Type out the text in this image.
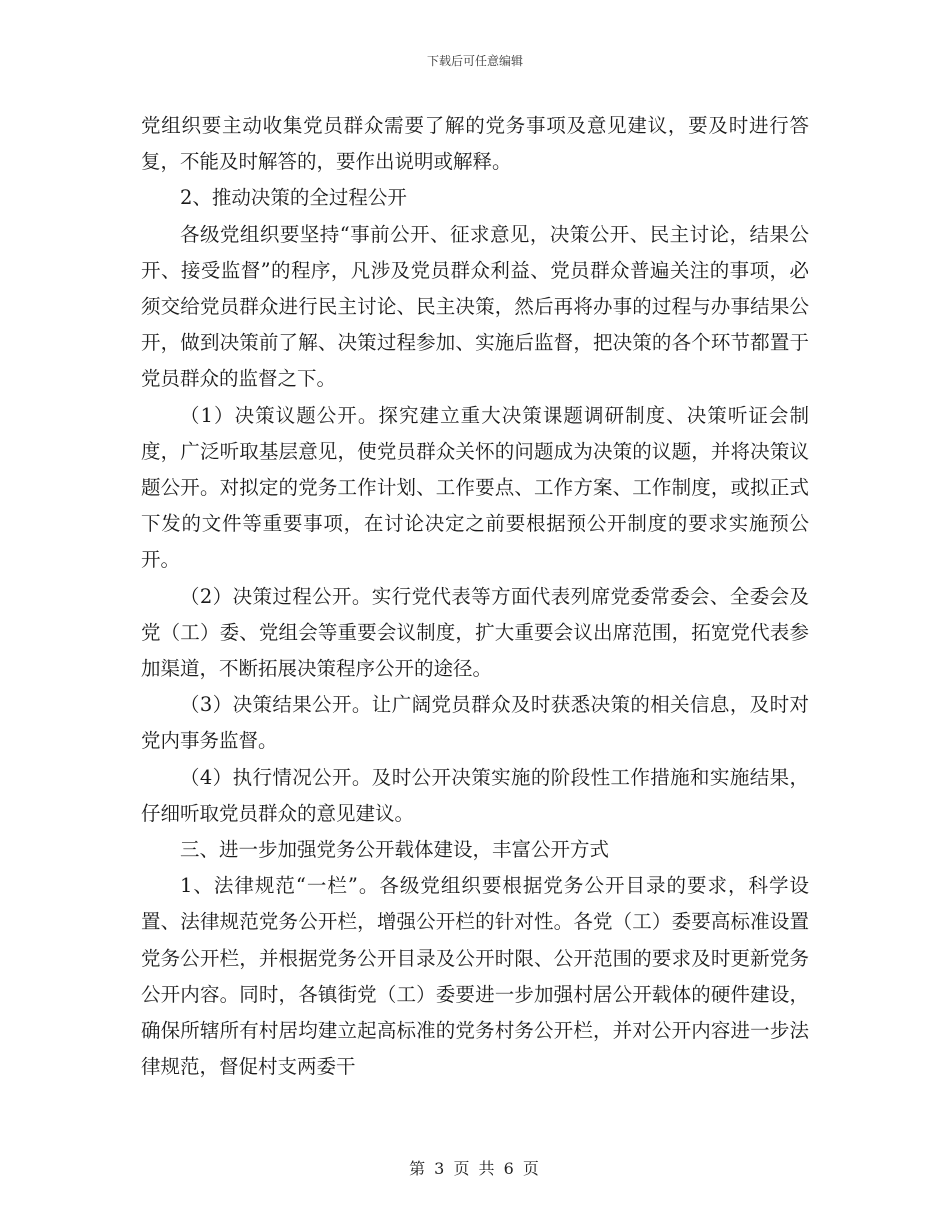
下载后可任意编辑

党组织要主动收集党员群众需要了解的党务事项及意见建议，要及时进行答复，不能及时解答的，要作出说明或解释。

2、推动决策的全过程公开

各级党组织要坚持“事前公开、征求意见，决策公开、民主讨论，结果公开、接受监督”的程序，凡涉及党员群众利益、党员群众普遍关注的事项，必须交给党员群众进行民主讨论、民主决策，然后再将办事的过程与办事结果公开，做到决策前了解、决策过程参加、实施后监督，把决策的各个环节都置于党员群众的监督之下。

（1）决策议题公开。探究建立重大决策课题调研制度、决策听证会制度，广泛听取基层意见，使党员群众关怀的问题成为决策的议题，并将决策议题公开。对拟定的党务工作计划、工作要点、工作方案、工作制度，或拟正式下发的文件等重要事项，在讨论决定之前要根据预公开制度的要求实施预公开。

（2）决策过程公开。实行党代表等方面代表列席党委常委会、全委会及党（工）委、党组会等重要会议制度，扩大重要会议出席范围，拓宽党代表参加渠道，不断拓展决策程序公开的途径。

（3）决策结果公开。让广阔党员群众及时获悉决策的相关信息，及时对党内事务监督。

（4）执行情况公开。及时公开决策实施的阶段性工作措施和实施结果，仔细听取党员群众的意见建议。

三、进一步加强党务公开载体建设，丰富公开方式

1、法律规范“一栏”。各级党组织要根据党务公开目录的要求，科学设置、法律规范党务公开栏，增强公开栏的针对性。各党（工）委要高标准设置党务公开栏，并根据党务公开目录及公开时限、公开范围的要求及时更新党务公开内容。同时，各镇街党（工）委要进一步加强村居公开载体的硬件建设，确保所辖所有村居均建立起高标准的党务村务公开栏，并对公开内容进一步法律规范，督促村支两委干

第 3 页 共 6 页
